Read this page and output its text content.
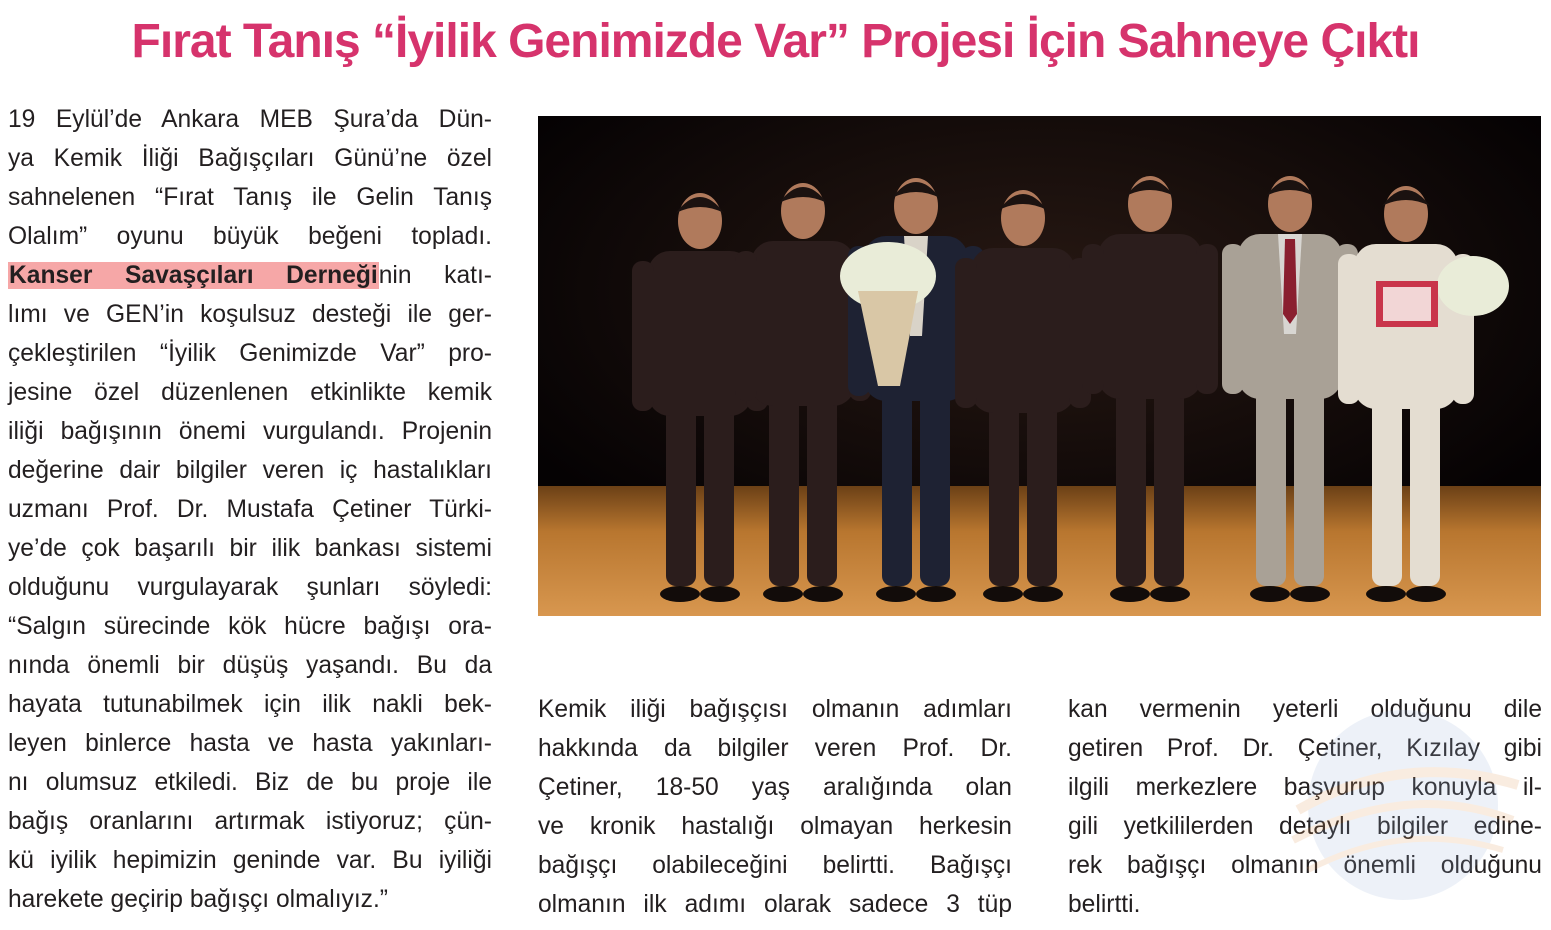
Fırat Tanış “İyilik Genimizde Var” Projesi İçin Sahneye Çıktı
19 Eylül’de Ankara MEB Şura’da Dün-
ya Kemik İliği Bağışçıları Günü’ne özel
sahnelenen “Fırat Tanış ile Gelin Tanış
Olalım” oyunu büyük beğeni topladı.
Kanser Savaşçıları Derneğinin katı-
lımı ve GEN’in koşulsuz desteği ile ger-
çekleştirilen “İyilik Genimizde Var” pro-
jesine özel düzenlenen etkinlikte kemik
iliği bağışının önemi vurgulandı. Projenin
değerine dair bilgiler veren iç hastalıkları
uzmanı Prof. Dr. Mustafa Çetiner Türki-
ye’de çok başarılı bir ilik bankası sistemi
olduğunu vurgulayarak şunları söyledi:
“Salgın sürecinde kök hücre bağışı ora-
nında önemli bir düşüş yaşandı. Bu da
hayata tutunabilmek için ilik nakli bek-
leyen binlerce hasta ve hasta yakınları-
nı olumsuz etkiledi. Biz de bu proje ile
bağış oranlarını artırmak istiyoruz; çün-
kü iyilik hepimizin geninde var. Bu iyiliği
harekete geçirip bağışçı olmalıyız.”
Kemik iliği bağışçısı olmanın adımları
hakkında da bilgiler veren Prof. Dr.
Çetiner, 18-50 yaş aralığında olan
ve kronik hastalığı olmayan herkesin
bağışçı olabileceğini belirtti. Bağışçı
olmanın ilk adımı olarak sadece 3 tüp
kan vermenin yeterli olduğunu dile
getiren Prof. Dr. Çetiner, Kızılay gibi
ilgili merkezlere başvurup konuyla il-
gili yetkililerden detaylı bilgiler edine-
rek bağışçı olmanın önemli olduğunu
belirtti.
